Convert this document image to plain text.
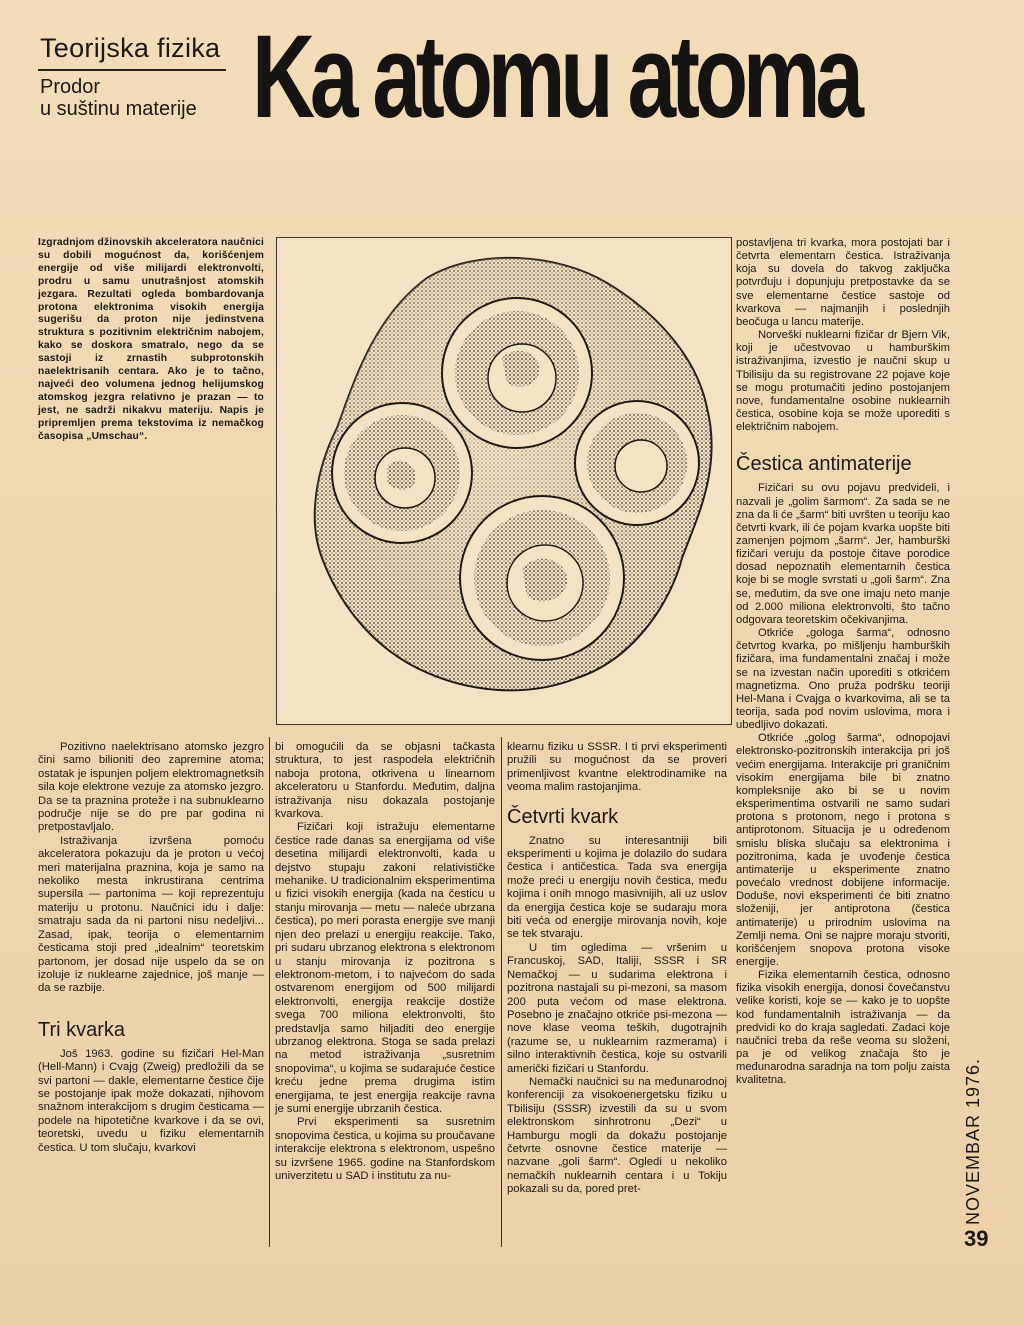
Teorijska fizika
Prodor
u suštinu materije Ka atomu atoma

Izgradnjom džinovskih akceleratora naučnici su dobili mogućnost da, korišćenjem energije od više milijardi elektronvolti, prodru u samu unutrašnjost atomskih jezgara. Rezultati ogleda bombardovanja protona elektronima visokih energija sugerišu da proton nije jedinstvena struktura s pozitivnim električnim nabojem, kako se doskora smatralo, nego da se sastoji iz zrnastih subprotonskih naelektrisanih centara. Ako je to tačno, najveći deo volumena jednog helijumskog atomskog jezgra relativno je prazan — to jest, ne sadrži nikakvu materiju. Napis je pripremljen prema tekstovima iz nemačkog časopisa „Umschau“.

Pozitivno naelektrisano atomsko jezgro čini samo bilioniti deo zapremine atoma; ostatak je ispunjen poljem elektromagnetksih sila koje elektrone vezuje za atomsko jezgro. Da se ta praznina proteže i na subnuklearno područje nije se do pre par godina ni pretpostavljalo.

Istraživanja izvršena pomoću akceleratora pokazuju da je proton u većoj meri materijalna praznina, koja je samo na nekoliko mesta inkrustirana centrima supersila — partonima — koji reprezentuju materiju u protonu. Naučnici idu i dalje: smatraju sada da ni partoni nisu nedeljivi... Zasad, ipak, teorija o elementarnim česticama stoji pred „idealnim“ teoretskim partonom, jer dosad nije uspelo da se on izoluje iz nuklearne zajednice, još manje — da se razbije.

Tri kvarka

Još 1963. godine su fizičari Hel-Man (Hell-Mann) i Cvajg (Zweig) predložili da se svi partoni — dakle, elementarne čestice čije se postojanje ipak može dokazati, njihovom snažnom interakcijom s drugim česticama — podele na hipotetične kvarkove i da se ovi, teoretski, uvedu u fiziku elementarnih čestica. U tom slučaju, kvarkovi

bi omogućili da se objasni tačkasta struktura, to jest raspodela električnih naboja protona, otkrivena u linearnom akceleratoru u Stanfordu. Međutim, daljna istraživanja nisu dokazala postojanje kvarkova.

Fizičari koji istražuju elementarne čestice rade danas sa energijama od više desetina milijardi elektronvolti, kada u dejstvo stupaju zakoni relativističke mehanike. U tradicionalnim eksperimentima u fizici visokih energija (kada na česticu u stanju mirovanja — metu — naleće ubrzana čestica), po meri porasta energije sve manji njen deo prelazi u energiju reakcije. Tako, pri sudaru ubrzanog elektrona s elektronom u stanju mirovanja iz pozitrona s elektronom-metom, i to najvećom do sada ostvarenom energijom od 500 milijardi elektronvolti, energija reakcije dostiže svega 700 miliona elektronvolti, što predstavlja samo hiljaditi deo energije ubrzanog elektrona. Stoga se sada prelazi na metod istraživanja „susretnim snopovima“, u kojima se sudarajuće čestice kreću jedne prema drugima istim energijama, te jest energija reakcije ravna je sumi energije ubrzanih čestica.

Prvi eksperimenti sa susretnim snopovima čestica, u kojima su proučavane interakcije elektrona s elektronom, uspešno su izvršene 1965. godine na Stanfordskom univerzitetu u SAD i institutu za nu-

klearnu fiziku u SSSR. I ti prvi eksperimenti pružili su mogućnost da se proveri primenljivost kvantne elektrodinamike na veoma malim rastojanjima.

Četvrti kvark

Znatno su interesantniji bili eksperimenti u kojima je dolazilo do sudara čestica i antičestica. Tada sva energija može preći u energiju novih čestica, među kojima i onih mnogo masivnijih, ali uz uslov da energija čestica koje se sudaraju mora biti veća od energije mirovanja novih, koje se tek stvaraju.

U tim ogledima — vršenim u Francuskoj, SAD, Italiji, SSSR i SR Nemačkoj — u sudarima elektrona i pozitrona nastajali su pi-mezoni, sa masom 200 puta većom od mase elektrona. Posebno je značajno otkriće psi-mezona — nove klase veoma teških, dugotrajnih (razume se, u nuklearnim razmerama) i silno interaktivnih čestica, koje su ostvarili američki fizičari u Stanfordu.

Nemački naučnici su na međunarodnoj konferenciji za visokoenergetsku fiziku u Tbilisiju (SSSR) izvestili da su u svom elektronskom sinhrotronu „Dezi“ u Hamburgu mogli da dokažu postojanje četvrte osnovne čestice materije — nazvane „goli šarm“. Ogledi u nekoliko nemačkih nuklearnih centara i u Tokiju pokazali su da, pored pret-

postavljena tri kvarka, mora postojati bar i četvrta elementarn čestica. Istraživanja koja su dovela do takvog zaključka potvrđuju i dopunjuju pretpostavke da se sve elementarne čestice sastoje od kvarkova — najmanjih i poslednjih beočuga u lancu materije.

Norveški nuklearni fizičar dr Bjern Vik, koji je učestvovao u hamburškim istraživanjima, izvestio je naučni skup u Tbilisiju da su registrovane 22 pojave koje se mogu protumačiti jedino postojanjem nove, fundamentalne osobine nuklearnih čestica, osobine koja se može uporediti s električnim nabojem.

Čestica antimaterije

Fizičari su ovu pojavu predvideli, i nazvali je „golim šarmom“. Za sada se ne zna da li će „šarm“ biti uvršten u teoriju kao četvrti kvark, ili će pojam kvarka uopšte biti zamenjen pojmom „šarm“. Jer, hamburški fizičari veruju da postoje čitave porodice dosad nepoznatih elementarnih čestica koje bi se mogle svrstati u „goli šarm“. Zna se, međutim, da sve one imaju neto manje od 2.000 miliona elektronvolti, što tačno odgovara teoretskim očekivanjima.

Otkriće „gologa šarma“, odnosno četvrtog kvarka, po mišljenju hamburških fizičara, ima fundamentalni značaj i može se na izvestan način uporediti s otkrićem magnetizma. Ono pruža podršku teoriji Hel-Mana i Cvajga o kvarkovima, ali se ta teorija, sada pod novim uslovima, mora i ubedljivo dokazati.

Otkriće „golog šarma“, odnopojavi elektronsko-pozitronskih interakcija pri još većim energijama. Interakcije pri graničnim visokim energijama bile bi znatno kompleksnije ako bi se u novim eksperimentima ostvarili ne samo sudari protona s protonom, nego i protona s antiprotonom. Situacija je u određenom smislu bliska slučaju sa elektronima i pozitronima, kada je uvođenje čestica antimaterije u eksperimente znatno povećalo vrednost dobijene informacije. Dodušе, novi eksperimenti će biti znatno složeniji, jer antiprotona (čestica antimaterije) u prirodnim uslovima na Zemlji nema. Oni se najpre moraju stvoriti, korišćenjem snopova protona visoke energije.

Fizika elementarnih čestica, odnosno fizika visokih energija, donosi čovečanstvu velike koristi, koje se — kako je to uopšte kod fundamentalnih istraživanja — da predvidi ko do kraja sagledati. Zadaci koje naučnici treba da reše veoma su složeni, pa je od velikog značaja što je međunarodna saradnja na tom polju zaista kvalitetna.	NOVEMBAR 1976.
39
